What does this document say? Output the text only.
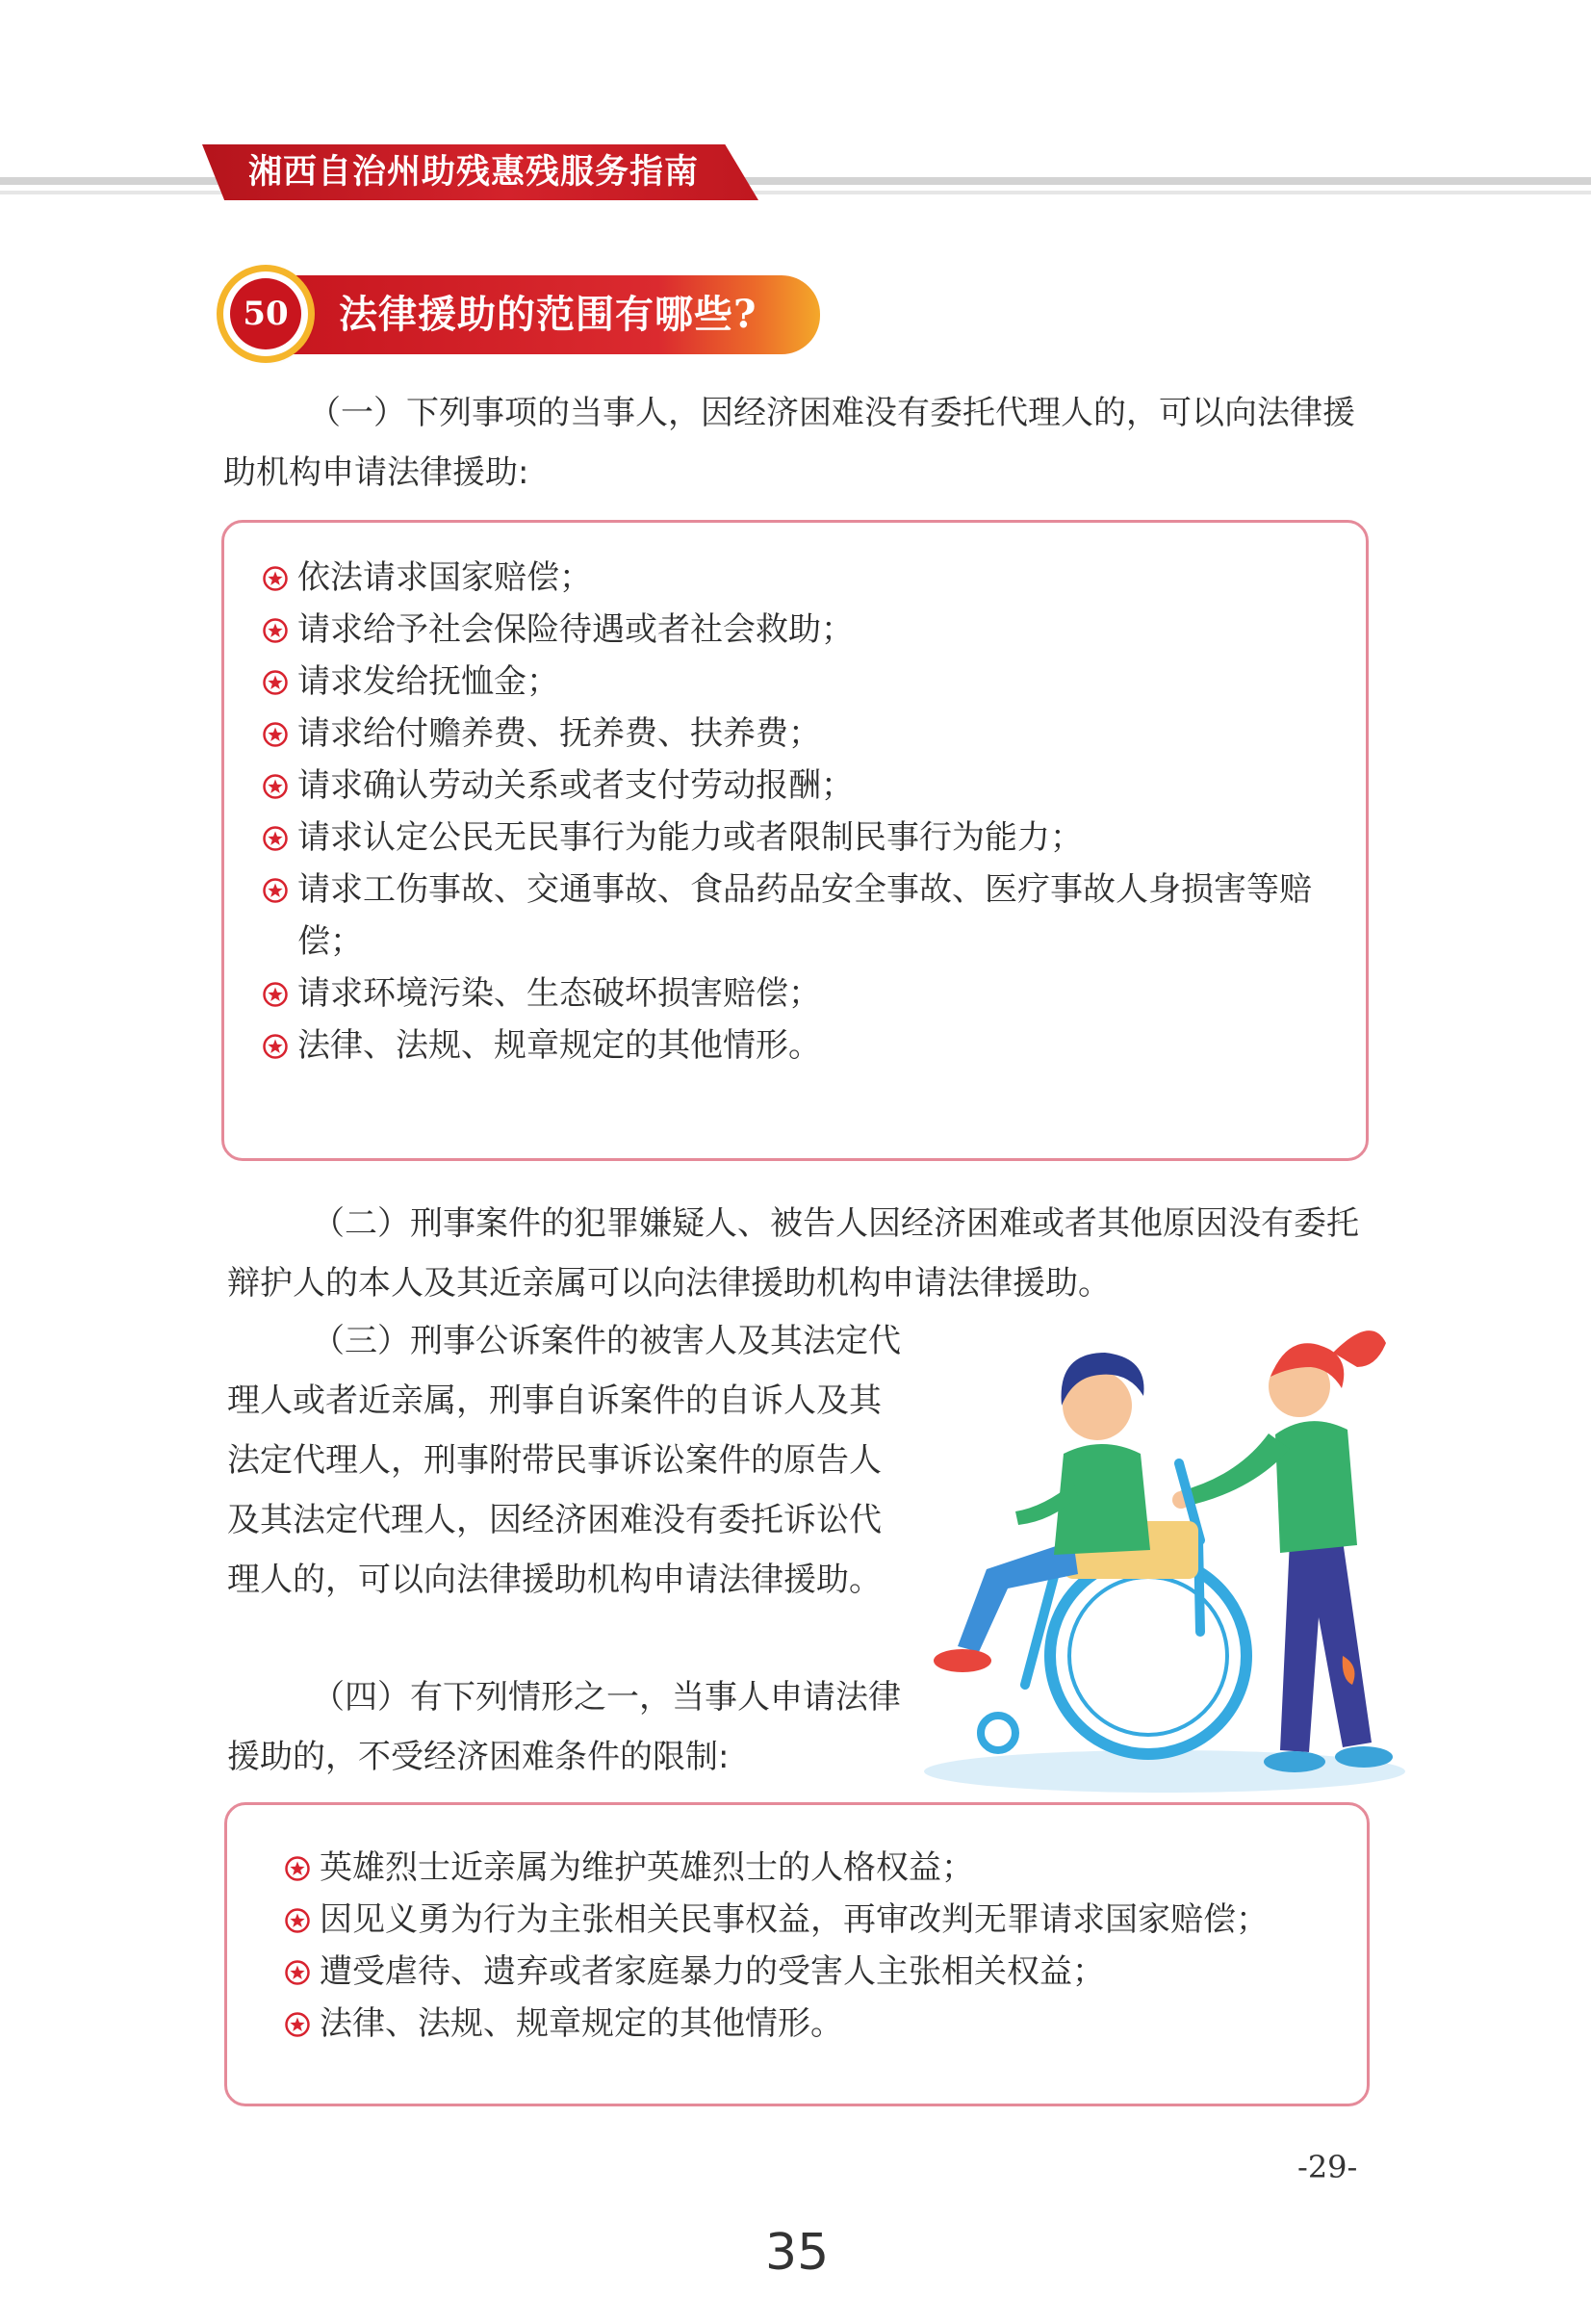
湘西自治州助残惠残服务指南
50	法律援助的范围有哪些?

（一）下列事项的当事人，因经济困难没有委托代理人的，可以向法律援助机构申请法律援助:

依法请求国家赔偿；
请求给予社会保险待遇或者社会救助；
请求发给抚恤金；
请求给付赡养费、抚养费、扶养费；
请求确认劳动关系或者支付劳动报酬；
请求认定公民无民事行为能力或者限制民事行为能力；
请求工伤事故、交通事故、食品药品安全事故、医疗事故人身损害等赔偿；
请求环境污染、生态破坏损害赔偿；
法律、法规、规章规定的其他情形。

（二）刑事案件的犯罪嫌疑人、被告人因经济困难或者其他原因没有委托辩护人的本人及其近亲属可以向法律援助机构申请法律援助。

（三）刑事公诉案件的被害人及其法定代理人或者近亲属，刑事自诉案件的自诉人及其法定代理人，刑事附带民事诉讼案件的原告人及其法定代理人，因经济困难没有委托诉讼代理人的，可以向法律援助机构申请法律援助。

（四）有下列情形之一，当事人申请法律援助的，不受经济困难条件的限制:

英雄烈士近亲属为维护英雄烈士的人格权益；
因见义勇为行为主张相关民事权益，再审改判无罪请求国家赔偿；
遭受虐待、遗弃或者家庭暴力的受害人主张相关权益；
法律、法规、规章规定的其他情形。
-29-
35
